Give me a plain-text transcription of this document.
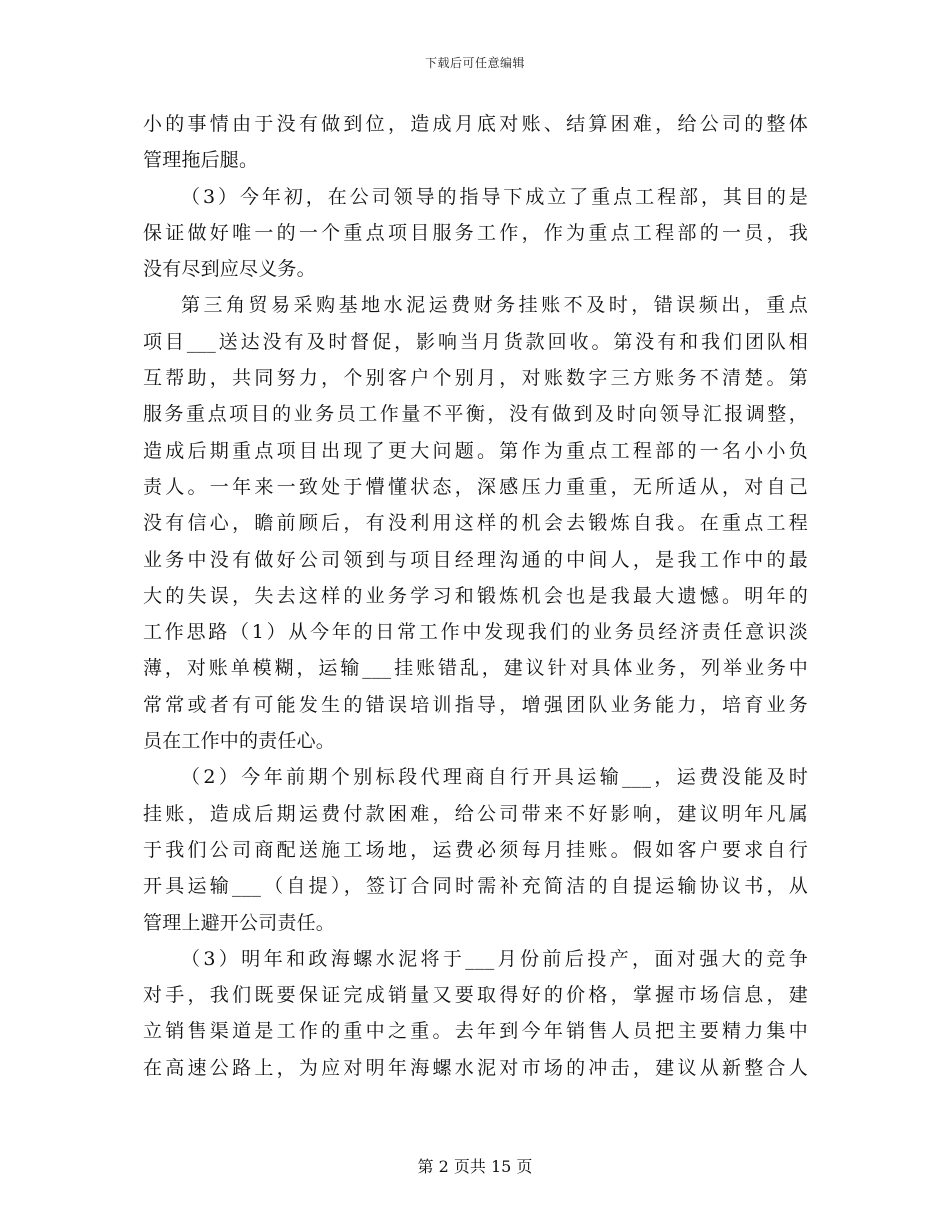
下载后可任意编辑
小的事情由于没有做到位，造成月底对账、结算困难，给公司的整体
管理拖后腿。
（3）今年初，在公司领导的指导下成立了重点工程部，其目的是
保证做好唯一的一个重点项目服务工作，作为重点工程部的一员，我
没有尽到应尽义务。
第三角贸易采购基地水泥运费财务挂账不及时，错误频出，重点
项目___送达没有及时督促，影响当月货款回收。第没有和我们团队相
互帮助，共同努力，个别客户个别月，对账数字三方账务不清楚。第
服务重点项目的业务员工作量不平衡，没有做到及时向领导汇报调整，
造成后期重点项目出现了更大问题。第作为重点工程部的一名小小负
责人。一年来一致处于懵懂状态，深感压力重重，无所适从，对自己
没有信心，瞻前顾后，有没利用这样的机会去锻炼自我。在重点工程
业务中没有做好公司领到与项目经理沟通的中间人，是我工作中的最
大的失误，失去这样的业务学习和锻炼机会也是我最大遗憾。明年的
工作思路（1）从今年的日常工作中发现我们的业务员经济责任意识淡
薄，对账单模糊，运输___挂账错乱，建议针对具体业务，列举业务中
常常或者有可能发生的错误培训指导，增强团队业务能力，培育业务
员在工作中的责任心。
（2）今年前期个别标段代理商自行开具运输___，运费没能及时
挂账，造成后期运费付款困难，给公司带来不好影响，建议明年凡属
于我们公司商配送施工场地，运费必须每月挂账。假如客户要求自行
开具运输___（自提），签订合同时需补充简洁的自提运输协议书，从
管理上避开公司责任。
（3）明年和政海螺水泥将于___月份前后投产，面对强大的竞争
对手，我们既要保证完成销量又要取得好的价格，掌握市场信息，建
立销售渠道是工作的重中之重。去年到今年销售人员把主要精力集中
在高速公路上，为应对明年海螺水泥对市场的冲击，建议从新整合人
第 2 页共 15 页
